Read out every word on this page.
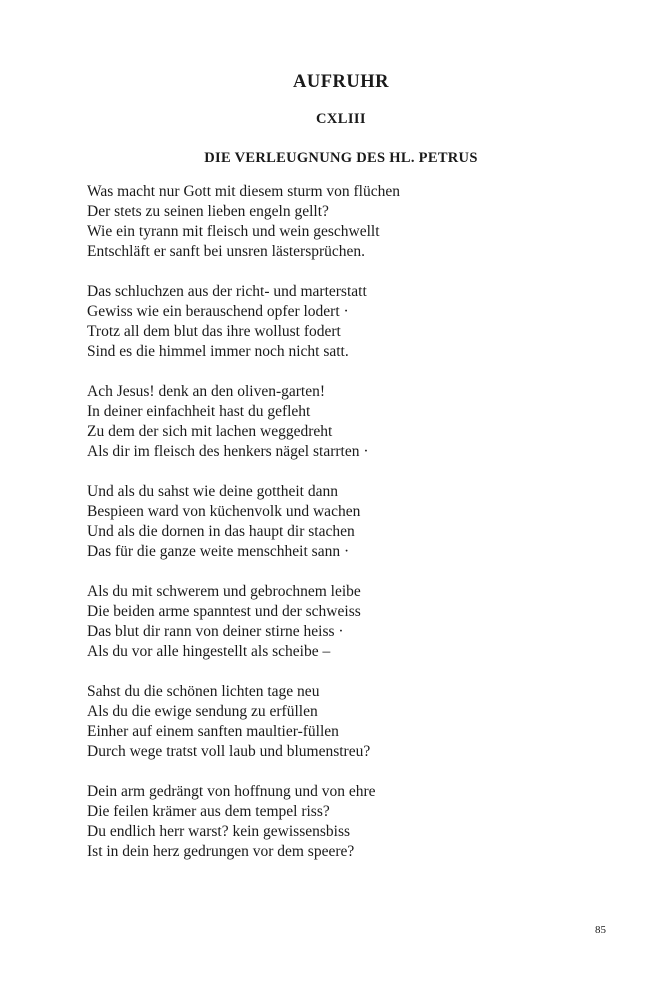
AUFRUHR
CXLIII
DIE VERLEUGNUNG DES HL. PETRUS
Was macht nur Gott mit diesem sturm von flüchen
Der stets zu seinen lieben engeln gellt?
Wie ein tyrann mit fleisch und wein geschwellt
Entschläft er sanft bei unsren lästersprüchen.
Das schluchzen aus der richt- und marterstatt
Gewiss wie ein berauschend opfer lodert ·
Trotz all dem blut das ihre wollust fodert
Sind es die himmel immer noch nicht satt.
Ach Jesus! denk an den oliven-garten!
In deiner einfachheit hast du gefleht
Zu dem der sich mit lachen weggedreht
Als dir im fleisch des henkers nägel starrten ·
Und als du sahst wie deine gottheit dann
Bespieen ward von küchenvolk und wachen
Und als die dornen in das haupt dir stachen
Das für die ganze weite menschheit sann ·
Als du mit schwerem und gebrochnem leibe
Die beiden arme spanntest und der schweiss
Das blut dir rann von deiner stirne heiss ·
Als du vor alle hingestellt als scheibe –
Sahst du die schönen lichten tage neu
Als du die ewige sendung zu erfüllen
Einher auf einem sanften maultier-füllen
Durch wege tratst voll laub und blumenstreu?
Dein arm gedrängt von hoffnung und von ehre
Die feilen krämer aus dem tempel riss?
Du endlich herr warst? kein gewissensbiss
Ist in dein herz gedrungen vor dem speere?
85
